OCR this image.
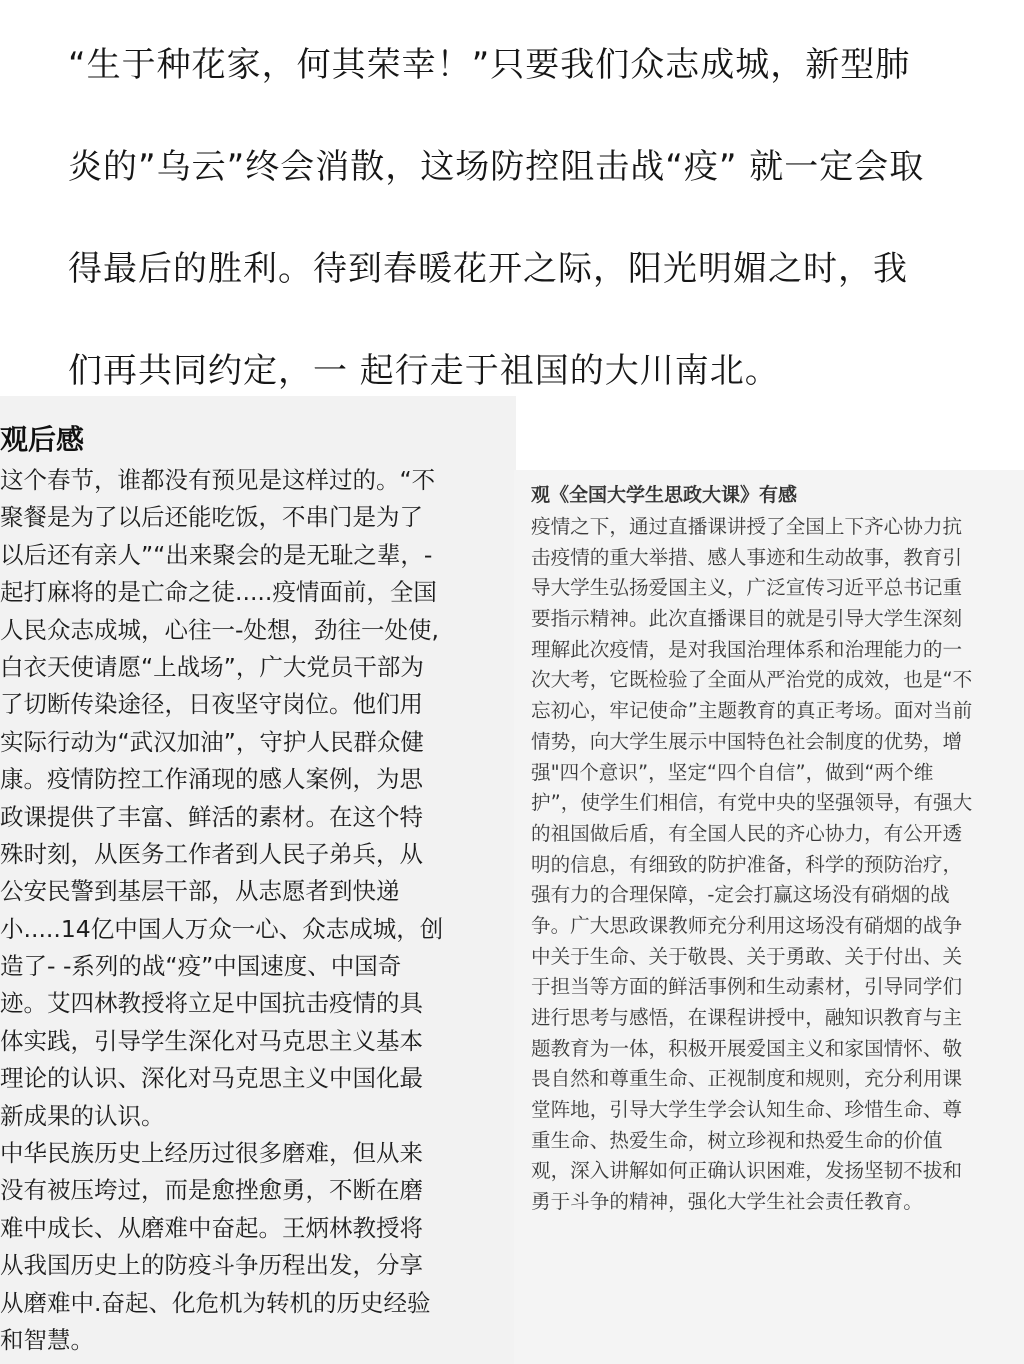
“生于种花家，何其荣幸！”只要我们众志成城，新型肺
炎的”乌云”终会消散，这场防控阻击战“疫” 就一定会取
得最后的胜利。待到春暖花开之际，阳光明媚之时，我
们再共同约定，一 起行走于祖国的大川南北。
观后感
这个春节，谁都没有预见是这样过的。“不
聚餐是为了以后还能吃饭，不串门是为了
以后还有亲人”“出来聚会的是无耻之辈，-
起打麻将的是亡命之徒.....疫情面前，全国
人民众志成城，心往一-处想，劲往一处使,
白衣天使请愿“上战场”，广大党员干部为
了切断传染途径，日夜坚守岗位。他们用
实际行动为“武汉加油”，守护人民群众健
康。疫情防控工作涌现的感人案例，为思
政课提供了丰富、鲜活的素材。在这个特
殊时刻，从医务工作者到人民子弟兵，从
公安民警到基层干部，从志愿者到快递
小.....14亿中国人万众一心、众志成城，创
造了- -系列的战“疫”中国速度、中国奇
迹。艾四林教授将立足中国抗击疫情的具
体实践，引导学生深化对马克思主义基本
理论的认识、深化对马克思主义中国化最
新成果的认识。
中华民族历史上经历过很多磨难，但从来
没有被压垮过，而是愈挫愈勇，不断在磨
难中成长、从磨难中奋起。王炳林教授将
从我国历史上的防疫斗争历程出发，分享
从磨难中.奋起、化危机为转机的历史经验
和智慧。
观《全国大学生思政大课》有感
疫情之下，通过直播课讲授了全国上下齐心协力抗
击疫情的重大举措、感人事迹和生动故事，教育引
导大学生弘扬爱国主义，广泛宣传习近平总书记重
要指示精神。此次直播课目的就是引导大学生深刻
理解此次疫情，是对我国治理体系和治理能力的一
次大考，它既检验了全面从严治党的成效，也是“不
忘初心，牢记使命”主题教育的真正考场。面对当前
情势，向大学生展示中国特色社会制度的优势，增
强"四个意识”，坚定“四个自信”，做到“两个维
护”，使学生们相信，有党中央的坚强领导，有强大
的祖国做后盾，有全国人民的齐心协力，有公开透
明的信息，有细致的防护准备，科学的预防治疗，
强有力的合理保障，-定会打赢这场没有硝烟的战
争。广大思政课教师充分利用这场没有硝烟的战争
中关于生命、关于敬畏、关于勇敢、关于付出、关
于担当等方面的鲜活事例和生动素材，引导同学们
进行思考与感悟，在课程讲授中，融知识教育与主
题教育为一体，积极开展爱国主义和家国情怀、敬
畏自然和尊重生命、正视制度和规则，充分利用课
堂阵地，引导大学生学会认知生命、珍惜生命、尊
重生命、热爱生命，树立珍视和热爱生命的价值
观，深入讲解如何正确认识困难，发扬坚韧不拔和
勇于斗争的精神，强化大学生社会责任教育。
